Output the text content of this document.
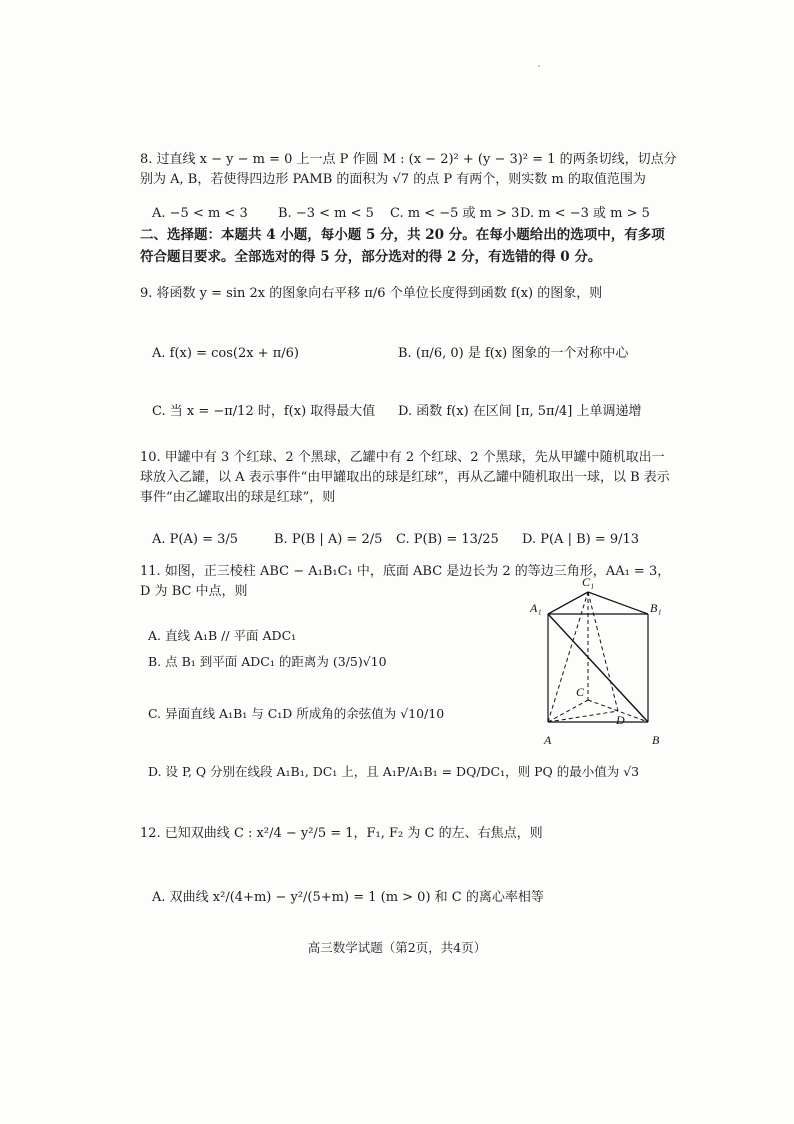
8. 过直线 x − y − m = 0 上一点 P 作圆 M : (x − 2)² + (y − 3)² = 1 的两条切线，切点分别为 A, B，若使得四边形 PAMB 的面积为 √7 的点 P 有两个，则实数 m 的取值范围为
A. −5 < m < 3 B. −3 < m < 5 C. m < −5 或 m > 3 D. m < −3 或 m > 5
二、选择题：本题共 4 小题，每小题 5 分，共 20 分。在每小题给出的选项中，有多项符合题目要求。全部选对的得 5 分，部分选对的得 2 分，有选错的得 0 分。
9. 将函数 y = sin 2x 的图象向右平移 π/6 个单位长度得到函数 f(x) 的图象，则
A. f(x) = cos(2x + π/6)	B. (π/6, 0) 是 f(x) 图象的一个对称中心
C. 当 x = −π/12 时，f(x) 取得最大值 D. 函数 f(x) 在区间 [π, 5π/4] 上单调递增
10. 甲罐中有 3 个红球、2 个黑球，乙罐中有 2 个红球、2 个黑球，先从甲罐中随机取出一球放入乙罐，以 A 表示事件“由甲罐取出的球是红球”，再从乙罐中随机取出一球，以 B 表示事件“由乙罐取出的球是红球”，则
A. P(A) = 3/5	B. P(B | A) = 2/5 C. P(B) = 13/25 D. P(A | B) = 9/13
11. 如图，正三棱柱 ABC − A₁B₁C₁ 中，底面 ABC 是边长为 2 的等边三角形，AA₁ = 3，D 为 BC 中点，则
A. 直线 A₁B // 平面 ADC₁
B. 点 B₁ 到平面 ADC₁ 的距离为 (3/5)√10
C. 异面直线 A₁B₁ 与 C₁D 所成角的余弦值为 √10/10
D. 设 P, Q 分别在线段 A₁B₁, DC₁ 上，且 A₁P/A₁B₁ = DQ/DC₁，则 PQ 的最小值为 √3
C₁
A₁	B₁
C
D
A	B
12. 已知双曲线 C : x²/4 − y²/5 = 1，F₁, F₂ 为 C 的左、右焦点，则
A. 双曲线 x²/(4+m) − y²/(5+m) = 1 (m > 0) 和 C 的离心率相等
高三数学试题（第2页，共4页）
